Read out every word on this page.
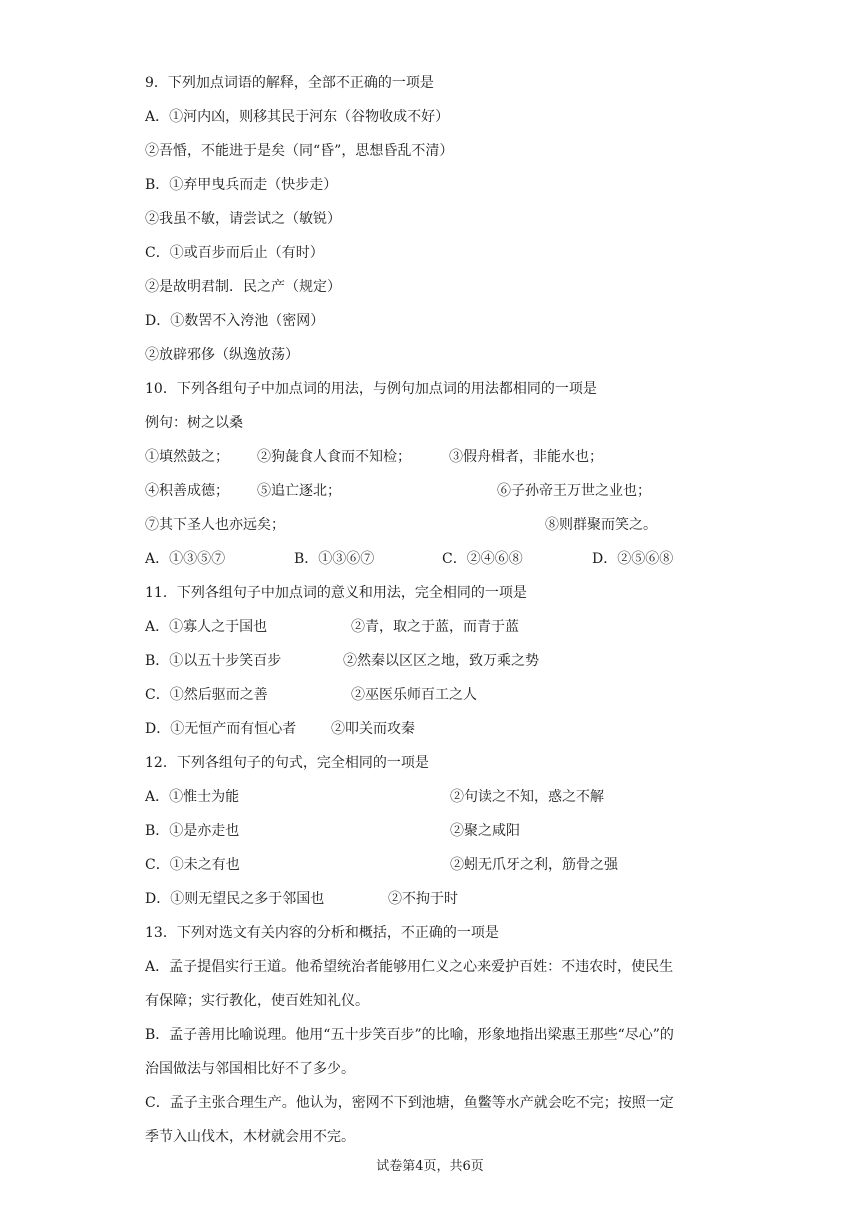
9．下列加点词语的解释，全部不正确的一项是
A．①河内凶，则移其民于河东（谷物收成不好）
②吾惛，不能进于是矣（同“昏”，思想昏乱不清）
B．①弃甲曳兵而走（快步走）
②我虽不敏，请尝试之（敏锐）
C．①或百步而后止（有时）
②是故明君制．民之产（规定）
D．①数罟不入洿池（密网）
②放辟邪侈（纵逸放荡）
10．下列各组句子中加点词的用法，与例句加点词的用法都相同的一项是
例句：树之以桑
①填然鼓之； ②狗彘食人食而不知检；	③假舟楫者，非能水也；
④积善成德； ⑤追亡逐北；	⑥子孙帝王万世之业也；
⑦其下圣人也亦远矣；	⑧则群聚而笑之。
A．①③⑤⑦	B．①③⑥⑦	C．②④⑥⑧	D．②⑤⑥⑧
11．下列各组句子中加点词的意义和用法，完全相同的一项是
A．①寡人之于国也	②青，取之于蓝，而青于蓝
B．①以五十步笑百步	②然秦以区区之地，致万乘之势
C．①然后驱而之善	②巫医乐师百工之人
D．①无恒产而有恒心者 ②叩关而攻秦
12．下列各组句子的句式，完全相同的一项是
A．①惟士为能	②句读之不知，惑之不解
B．①是亦走也	②聚之咸阳
C．①未之有也	②蚓无爪牙之利，筋骨之强
D．①则无望民之多于邻国也	②不拘于时
13．下列对选文有关内容的分析和概括，不正确的一项是
A．孟子提倡实行王道。他希望统治者能够用仁义之心来爱护百姓：不违农时，使民生
有保障；实行教化，使百姓知礼仪。
B．孟子善用比喻说理。他用“五十步笑百步”的比喻，形象地指出梁惠王那些“尽心”的
治国做法与邻国相比好不了多少。
C．孟子主张合理生产。他认为，密网不下到池塘，鱼鳖等水产就会吃不完；按照一定
季节入山伐木，木材就会用不完。
试卷第4页，共6页
